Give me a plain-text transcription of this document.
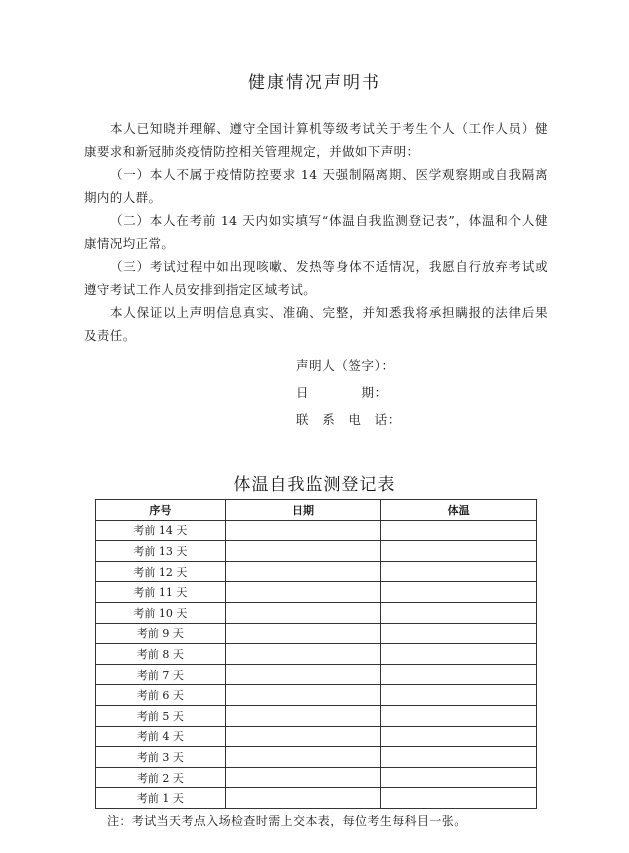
健康情况声明书

本人已知晓并理解、遵守全国计算机等级考试关于考生个人（工作人员）健康要求和新冠肺炎疫情防控相关管理规定，并做如下声明：

（一）本人不属于疫情防控要求 14 天强制隔离期、医学观察期或自我隔离期内的人群。

（二）本人在考前 14 天内如实填写“体温自我监测登记表”，体温和个人健康情况均正常。

（三）考试过程中如出现咳嗽、发热等身体不适情况，我愿自行放弃考试或遵守考试工作人员安排到指定区域考试。

本人保证以上声明信息真实、准确、完整，并知悉我将承担瞒报的法律后果及责任。

声明人（签字）：
日　　　　期：
联　系　电　话：
体温自我监测登记表
序号	日期	体温
考前 14 天		
考前 13 天		
考前 12 天		
考前 11 天		
考前 10 天		
考前 9 天		
考前 8 天		
考前 7 天		
考前 6 天		
考前 5 天		
考前 4 天		
考前 3 天		
考前 2 天		
考前 1 天		
注：考试当天考点入场检查时需上交本表，每位考生每科目一张。
